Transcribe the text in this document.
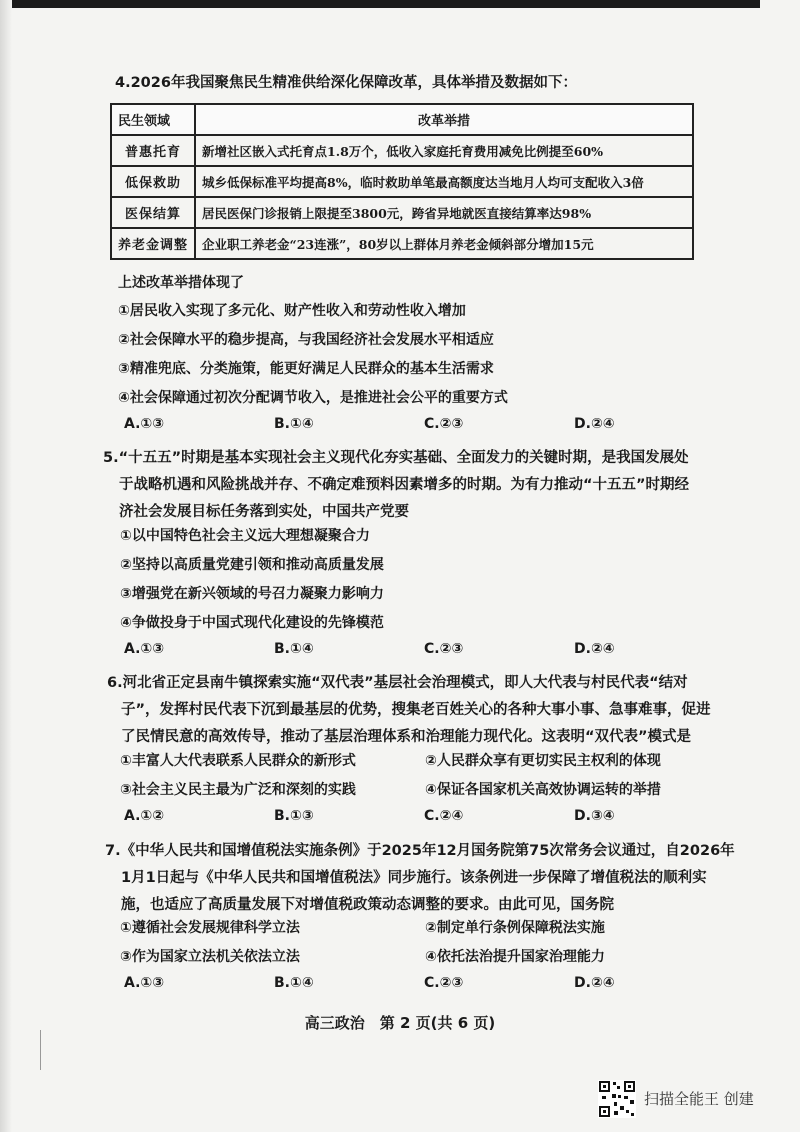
4.2026年我国聚焦民生精准供给深化保障改革，具体举措及数据如下：
民生领域	改革举措
普惠托育	新增社区嵌入式托育点1.8万个，低收入家庭托育费用减免比例提至60%
低保救助	城乡低保标准平均提高8%，临时救助单笔最高额度达当地月人均可支配收入3倍
医保结算	居民医保门诊报销上限提至3800元，跨省异地就医直接结算率达98%
养老金调整	企业职工养老金“23连涨”，80岁以上群体月养老金倾斜部分增加15元
上述改革举措体现了
①居民收入实现了多元化、财产性收入和劳动性收入增加
②社会保障水平的稳步提高，与我国经济社会发展水平相适应
③精准兜底、分类施策，能更好满足人民群众的基本生活需求
④社会保障通过初次分配调节收入，是推进社会公平的重要方式
A.①③	B.①④	C.②③	D.②④

5.“十五五”时期是基本实现社会主义现代化夯实基础、全面发力的关键时期，是我国发展处

于战略机遇和风险挑战并存、不确定难预料因素增多的时期。为有力推动“十五五”时期经

济社会发展目标任务落到实处，中国共产党要

①以中国特色社会主义远大理想凝聚合力
②坚持以高质量党建引领和推动高质量发展
③增强党在新兴领域的号召力凝聚力影响力
④争做投身于中国式现代化建设的先锋模范
A.①③	B.①④	C.②③	D.②④

6.河北省正定县南牛镇探索实施“双代表”基层社会治理模式，即人大代表与村民代表“结对

子”，发挥村民代表下沉到最基层的优势，搜集老百姓关心的各种大事小事、急事难事，促进

了民情民意的高效传导，推动了基层治理体系和治理能力现代化。这表明“双代表”模式是

①丰富人大代表联系人民群众的新形式	②人民群众享有更切实民主权利的体现
③社会主义民主最为广泛和深刻的实践	④保证各国家机关高效协调运转的举措
A.①②	B.①③	C.②④	D.③④

7.《中华人民共和国增值税法实施条例》于2025年12月国务院第75次常务会议通过，自2026年

1月1日起与《中华人民共和国增值税法》同步施行。该条例进一步保障了增值税法的顺利实

施，也适应了高质量发展下对增值税政策动态调整的要求。由此可见，国务院

①遵循社会发展规律科学立法	②制定单行条例保障税法实施
③作为国家立法机关依法立法	④依托法治提升国家治理能力
A.①③	B.①④	C.②③	D.②④
高三政治　第 2 页(共 6 页)
扫描全能王 创建
